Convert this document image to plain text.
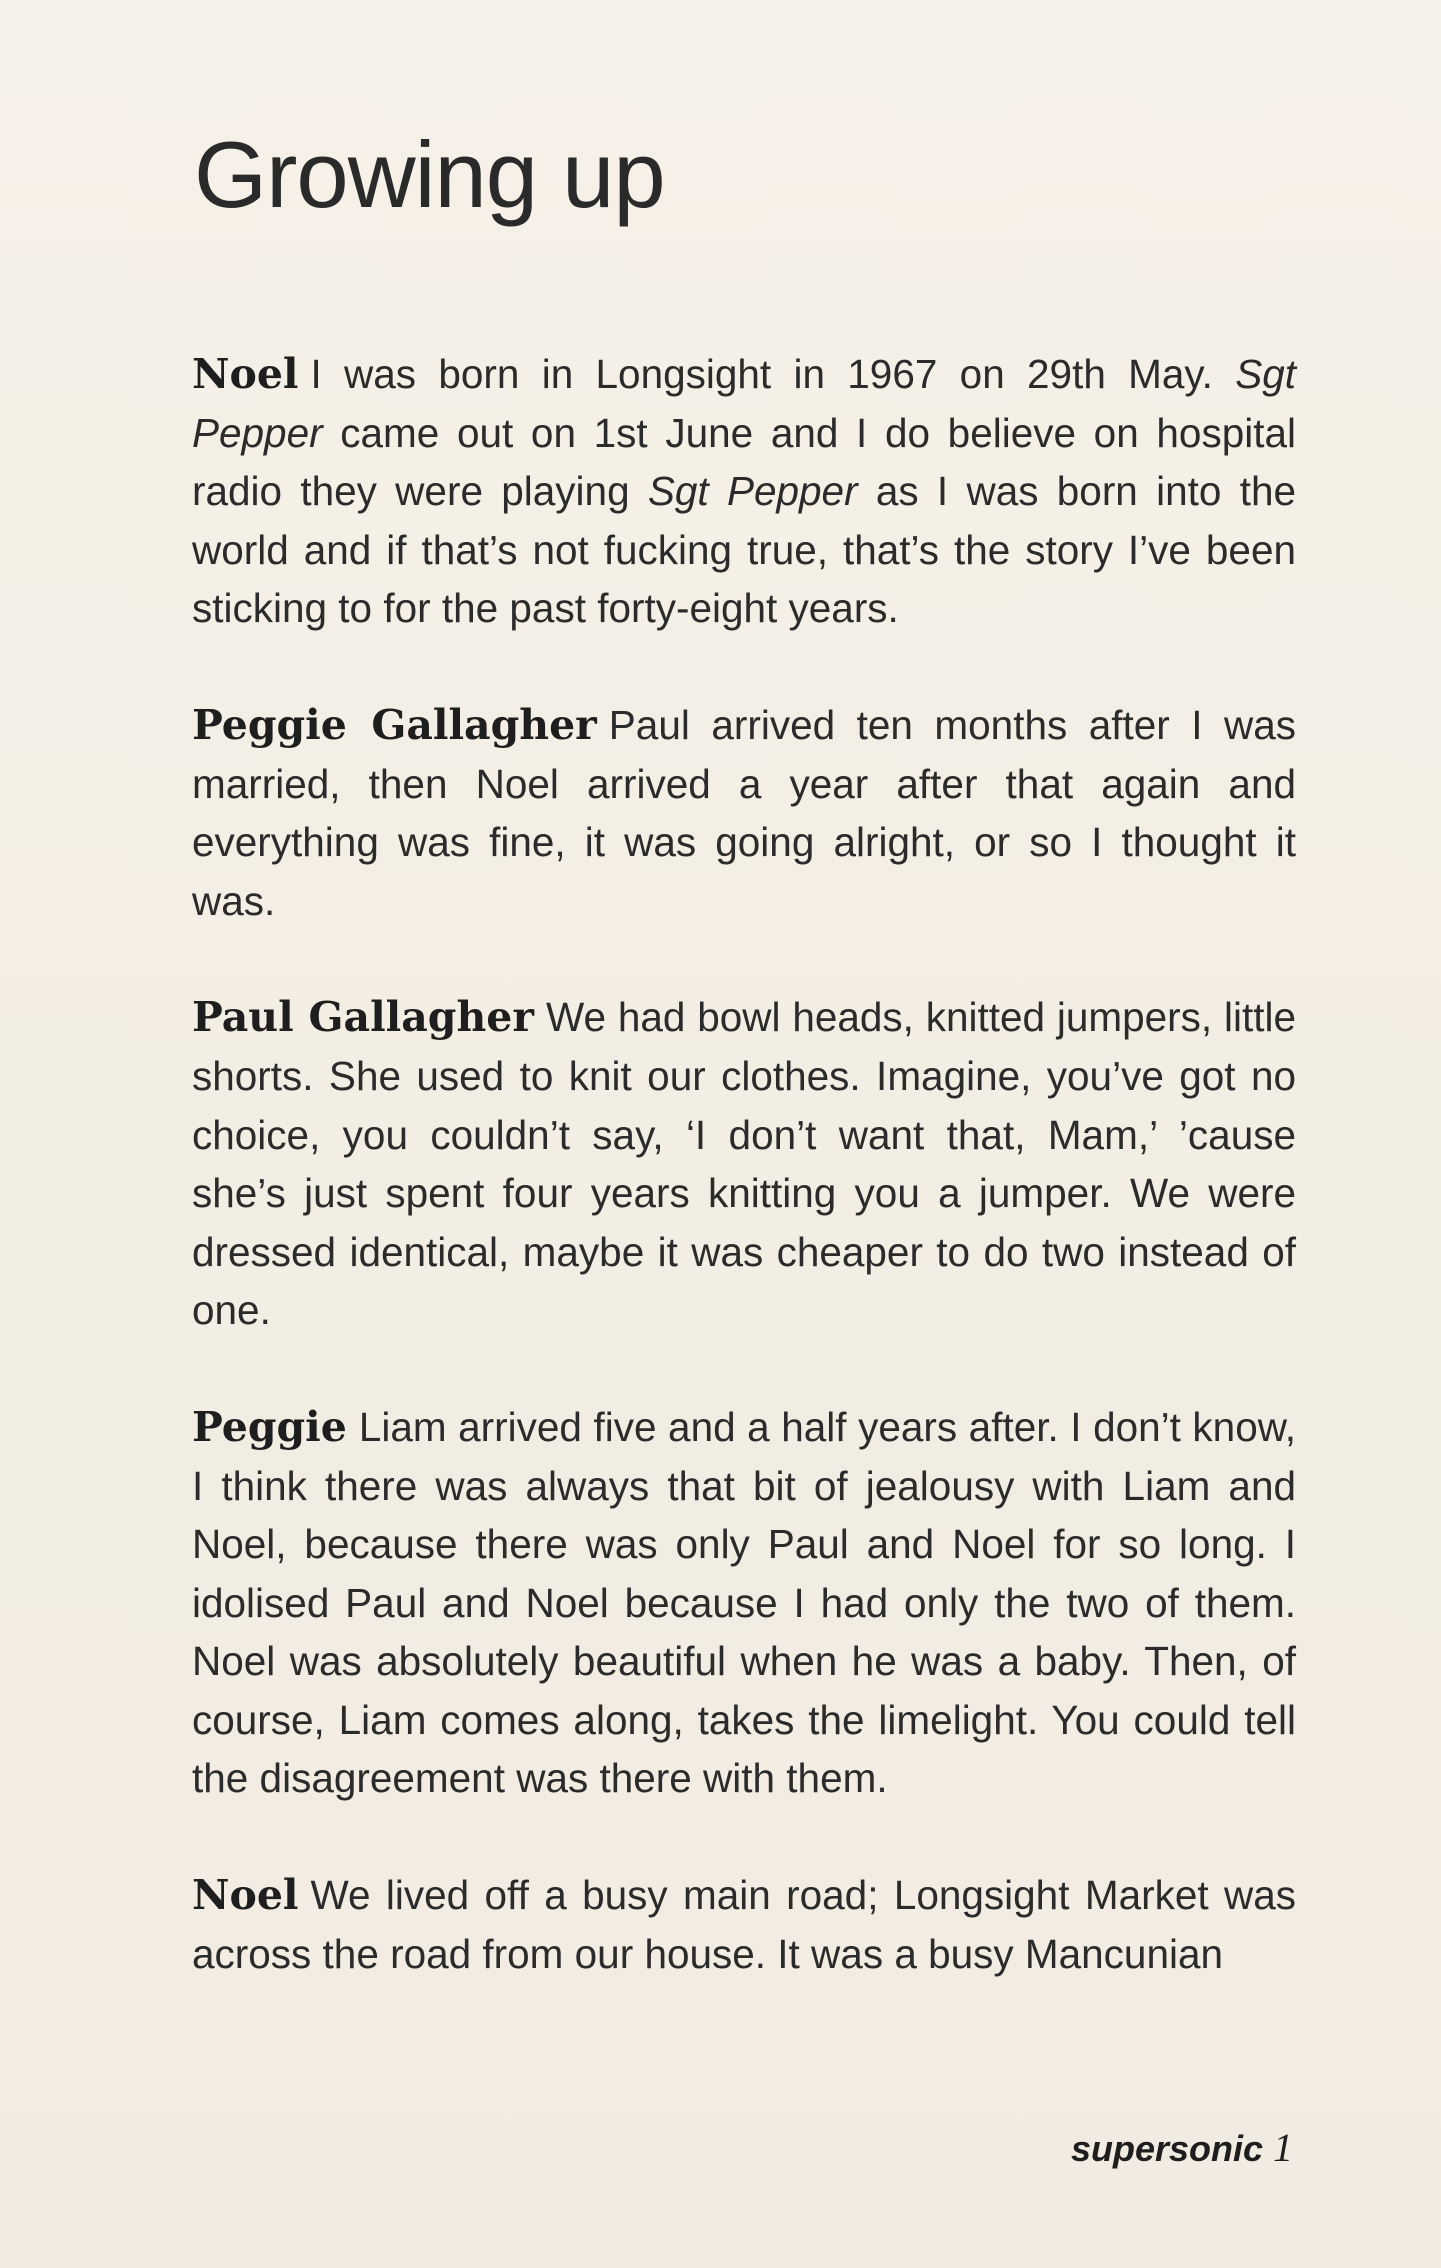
Growing up

Noel I was born in Longsight in 1967 on 29th May. Sgt Pepper came out on 1st June and I do believe on hospital radio they were playing Sgt Pepper as I was born into the world and if that’s not fucking true, that’s the story I’ve been sticking to for the past forty-eight years.

Peggie Gallagher Paul arrived ten months after I was married, then Noel arrived a year after that again and everything was fine, it was going alright, or so I thought it was.

Paul Gallagher We had bowl heads, knitted jumpers, little shorts. She used to knit our clothes. Imagine, you’ve got no choice, you couldn’t say, ‘I don’t want that, Mam,’ ’cause she’s just spent four years knitting you a jumper. We were dressed identical, maybe it was cheaper to do two instead of one.

Peggie Liam arrived five and a half years after. I don’t know, I think there was always that bit of jealousy with Liam and Noel, because there was only Paul and Noel for so long. I idolised Paul and Noel because I had only the two of them. Noel was absolutely beautiful when he was a baby. Then, of course, Liam comes along, takes the limelight. You could tell the disagreement was there with them.

Noel We lived off a busy main road; Longsight Market was across the road from our house. It was a busy Mancunian

supersonic 1
